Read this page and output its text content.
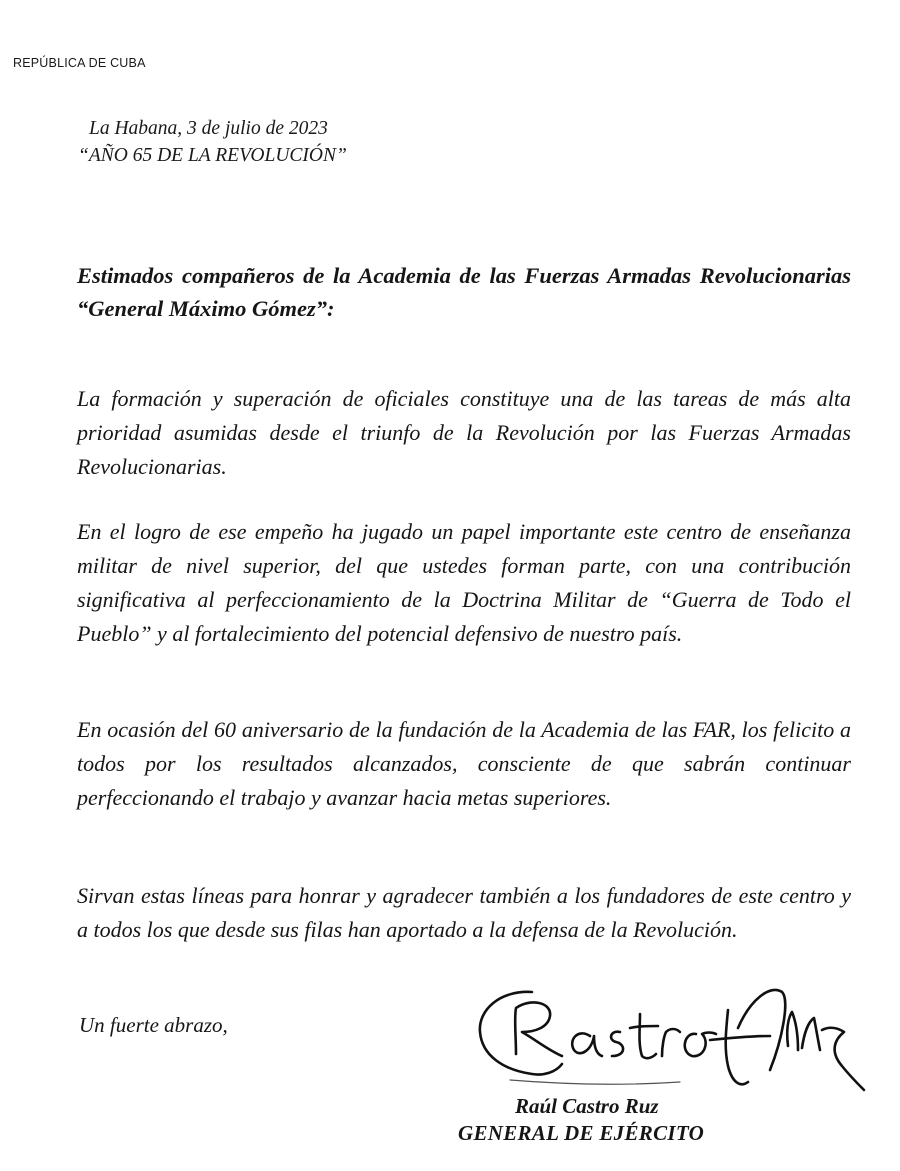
REPÚBLICA DE CUBA
La Habana, 3 de julio de 2023
“AÑO 65 DE LA REVOLUCIÓN”
Estimados compañeros de la Academia de las Fuerzas Armadas Revolucionarias “General Máximo Gómez”:
La formación y superación de oficiales constituye una de las tareas de más alta prioridad asumidas desde el triunfo de la Revolución por las Fuerzas Armadas Revolucionarias.
En el logro de ese empeño ha jugado un papel importante este centro de enseñanza militar de nivel superior, del que ustedes forman parte, con una contribución significativa al perfeccionamiento de la Doctrina Militar de “Guerra de Todo el Pueblo” y al fortalecimiento del potencial defensivo de nuestro país.
En ocasión del 60 aniversario de la fundación de la Academia de las FAR, los felicito a todos por los resultados alcanzados, consciente de que sabrán continuar perfeccionando el trabajo y avanzar hacia metas superiores.
Sirvan estas líneas para honrar y agradecer también a los fundadores de este centro y a todos los que desde sus filas han aportado a la defensa de la Revolución.
Un fuerte abrazo,
Raúl Castro Ruz
GENERAL DE EJÉRCITO
